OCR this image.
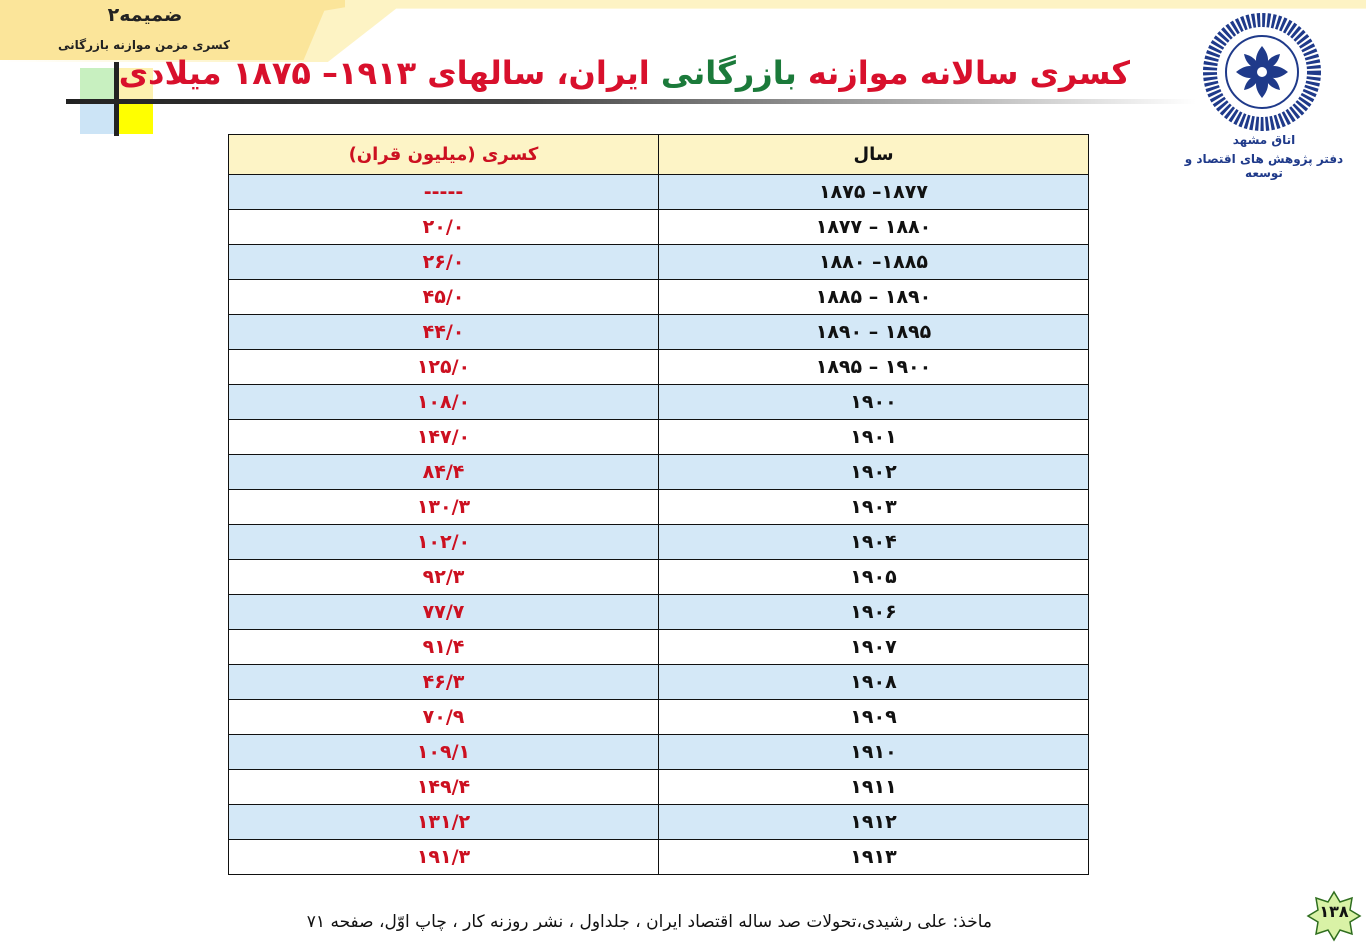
ضمیمه۲
کسری مزمن موازنه بازرگانی
کسری سالانه موازنه بازرگانی ایران، سالهای ۱۹۱۳– ۱۸۷۵ میلادی
اتاق مشهد
دفتر پژوهش های اقتصاد و توسعه
کسری (میلیون قران)	سال
-----	۱۸۷۵ –۱۸۷۷
۲۰/۰	۱۸۷۷ – ۱۸۸۰
۲۶/۰	۱۸۸۰ –۱۸۸۵
۴۵/۰	۱۸۸۵ – ۱۸۹۰
۴۴/۰	۱۸۹۰ – ۱۸۹۵
۱۲۵/۰	۱۸۹۵ – ۱۹۰۰
۱۰۸/۰	۱۹۰۰
۱۴۷/۰	۱۹۰۱
۸۴/۴	۱۹۰۲
۱۳۰/۳	۱۹۰۳
۱۰۲/۰	۱۹۰۴
۹۲/۳	۱۹۰۵
۷۷/۷	۱۹۰۶
۹۱/۴	۱۹۰۷
۴۶/۳	۱۹۰۸
۷۰/۹	۱۹۰۹
۱۰۹/۱	۱۹۱۰
۱۴۹/۴	۱۹۱۱
۱۳۱/۲	۱۹۱۲
۱۹۱/۳	۱۹۱۳
ماخذ: علی رشیدی،تحولات صد ساله اقتصاد ایران ، جلداول ، نشر روزنه کار ، چاپ اوّل، صفحه ۷۱
۱۳۸
